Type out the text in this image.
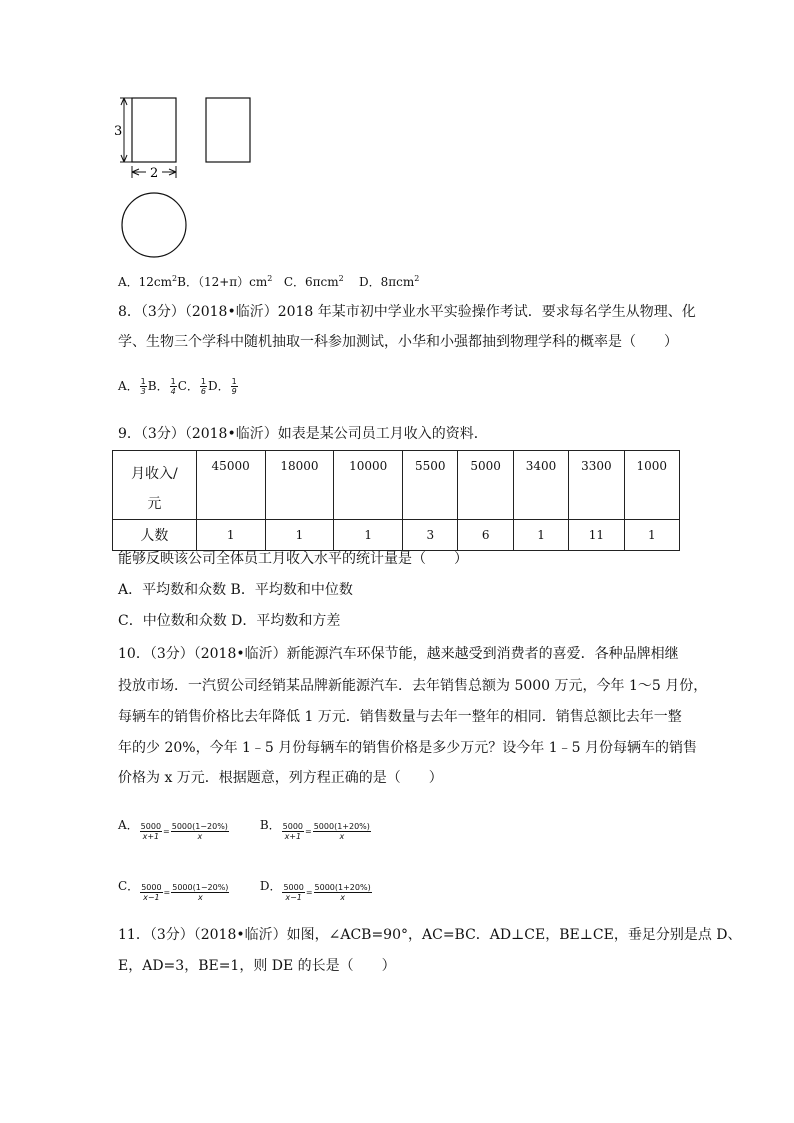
3
2
A．$12cm^2B$．$(12+\pi)cm^2$ C．6πcm$^2$ D．8πcm$^2$
8．（3分）（2018•临沂）2018 年某市初中学业水平实验操作考试．要求每名学生从物理、化
学、生物三个学科中随机抽取一科参加测试，小华和小强都抽到物理学科的概率是（　　）
A． $\frac{1}{3}$ B． $\frac{1}{4}$ C． $\frac{1}{6}$ D． $\frac{1}{9}$
9．（3分）（2018•临沂）如表是某公司员工月收入的资料．
月收入/
元	45000	18000	10000	5500	5000	3400	3300	1000
人数	1	1	1	3	6	1	11	1
能够反映该公司全体员工月收入水平的统计量是（　　）
A．平均数和众数 B．平均数和中位数
C．中位数和众数 D．平均数和方差
10．（3分）（2018•临沂）新能源汽车环保节能，越来越受到消费者的喜爱．各种品牌相继
投放市场．一汽贸公司经销某品牌新能源汽车．去年销售总额为 5000 万元，今年 1～5 月份，
每辆车的销售价格比去年降低 1 万元．销售数量与去年一整年的相同．销售总额比去年一整
年的少 20%，今年 1﹣5 月份每辆车的销售价格是多少万元？设今年 1﹣5 月份每辆车的销售
价格为 x 万元．根据题意，列方程正确的是（　　）
A． $\frac{5000}{x+1} = \frac{5000(1-20\%)}{x}$	B． $\frac{5000}{x+1} = \frac{5000(1+20\%)}{x}$
C． $\frac{5000}{x-1} = \frac{5000(1-20\%)}{x}$	D． $\frac{5000}{x-1} = \frac{5000(1+20\%)}{x}$
11．（3分）（2018•临沂）如图，∠ACB=90°，AC=BC．AD⊥CE，BE⊥CE，垂足分别是点 D、
E，AD=3，BE=1，则 DE 的长是（　　）
